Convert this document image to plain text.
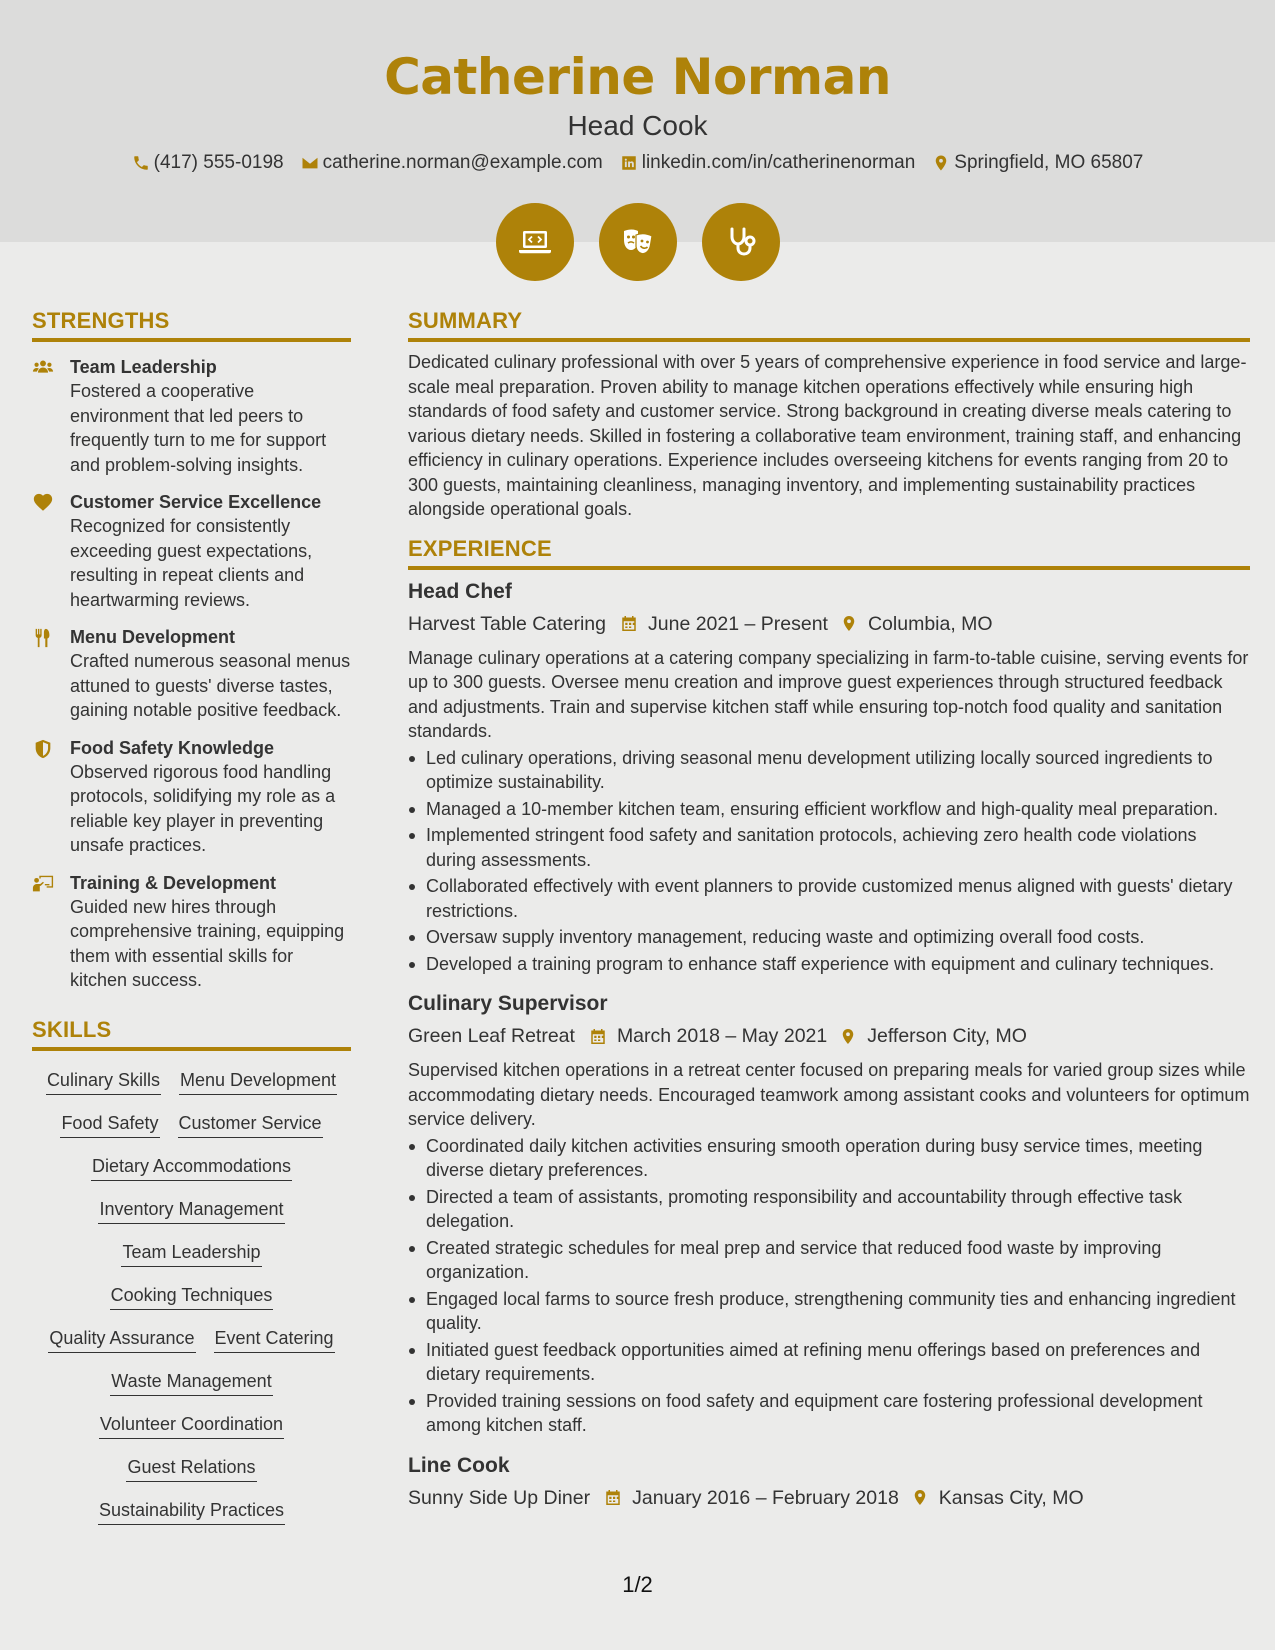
Catherine Norman
Head Cook
(417) 555-0198 catherine.norman@example.com linkedin.com/in/catherinenorman Springfield, MO 65807
STRENGTHS
Team Leadership
Fostered a cooperative environment that led peers to frequently turn to me for support and problem-solving insights.
Customer Service Excellence
Recognized for consistently exceeding guest expectations, resulting in repeat clients and heartwarming reviews.
Menu Development
Crafted numerous seasonal menus attuned to guests' diverse tastes, gaining notable positive feedback.
Food Safety Knowledge
Observed rigorous food handling protocols, solidifying my role as a reliable key player in preventing unsafe practices.
Training & Development
Guided new hires through comprehensive training, equipping them with essential skills for kitchen success.
SKILLS
Culinary Skills Menu Development
Food Safety Customer Service
Dietary Accommodations
Inventory Management
Team Leadership
Cooking Techniques
Quality Assurance Event Catering
Waste Management
Volunteer Coordination
Guest Relations
Sustainability Practices
SUMMARY
Dedicated culinary professional with over 5 years of comprehensive experience in food service and large-scale meal preparation. Proven ability to manage kitchen operations effectively while ensuring high standards of food safety and customer service. Strong background in creating diverse meals catering to various dietary needs. Skilled in fostering a collaborative team environment, training staff, and enhancing efficiency in culinary operations. Experience includes overseeing kitchens for events ranging from 20 to 300 guests, maintaining cleanliness, managing inventory, and implementing sustainability practices alongside operational goals.
EXPERIENCE
Head Chef
Harvest Table Catering June 2021 – Present Columbia, MO
Manage culinary operations at a catering company specializing in farm-to-table cuisine, serving events for up to 300 guests. Oversee menu creation and improve guest experiences through structured feedback and adjustments. Train and supervise kitchen staff while ensuring top-notch food quality and sanitation standards.
Led culinary operations, driving seasonal menu development utilizing locally sourced ingredients to optimize sustainability.
Managed a 10-member kitchen team, ensuring efficient workflow and high-quality meal preparation.
Implemented stringent food safety and sanitation protocols, achieving zero health code violations during assessments.
Collaborated effectively with event planners to provide customized menus aligned with guests' dietary restrictions.
Oversaw supply inventory management, reducing waste and optimizing overall food costs.
Developed a training program to enhance staff experience with equipment and culinary techniques.
Culinary Supervisor
Green Leaf Retreat March 2018 – May 2021 Jefferson City, MO
Supervised kitchen operations in a retreat center focused on preparing meals for varied group sizes while accommodating dietary needs. Encouraged teamwork among assistant cooks and volunteers for optimum service delivery.
Coordinated daily kitchen activities ensuring smooth operation during busy service times, meeting diverse dietary preferences.
Directed a team of assistants, promoting responsibility and accountability through effective task delegation.
Created strategic schedules for meal prep and service that reduced food waste by improving organization.
Engaged local farms to source fresh produce, strengthening community ties and enhancing ingredient quality.
Initiated guest feedback opportunities aimed at refining menu offerings based on preferences and dietary requirements.
Provided training sessions on food safety and equipment care fostering professional development among kitchen staff.
Line Cook
Sunny Side Up Diner January 2016 – February 2018 Kansas City, MO
1/2
